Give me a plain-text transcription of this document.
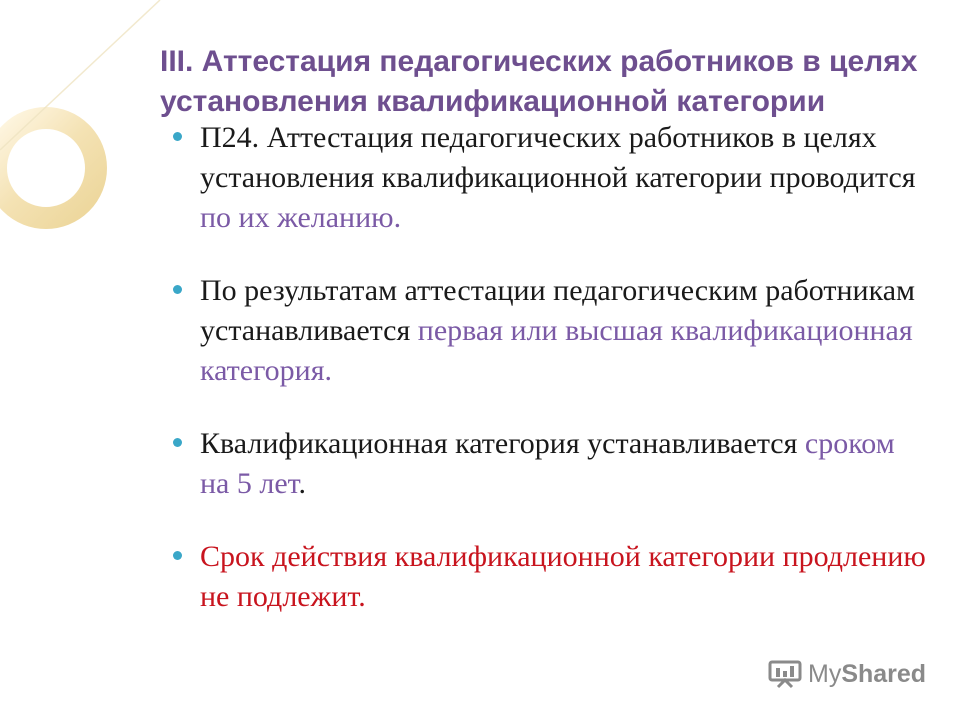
III. Аттестация педагогических работников в целях установления квалификационной категории
П24. Аттестация педагогических работников в целях установления квалификационной категории проводится по их желанию.
По результатам аттестации педагогическим работникам устанавливается первая или высшая квалификационная категория.
Квалификационная категория устанавливается сроком на 5 лет.
Срок действия квалификационной категории продлению не подлежит.
MyShared
